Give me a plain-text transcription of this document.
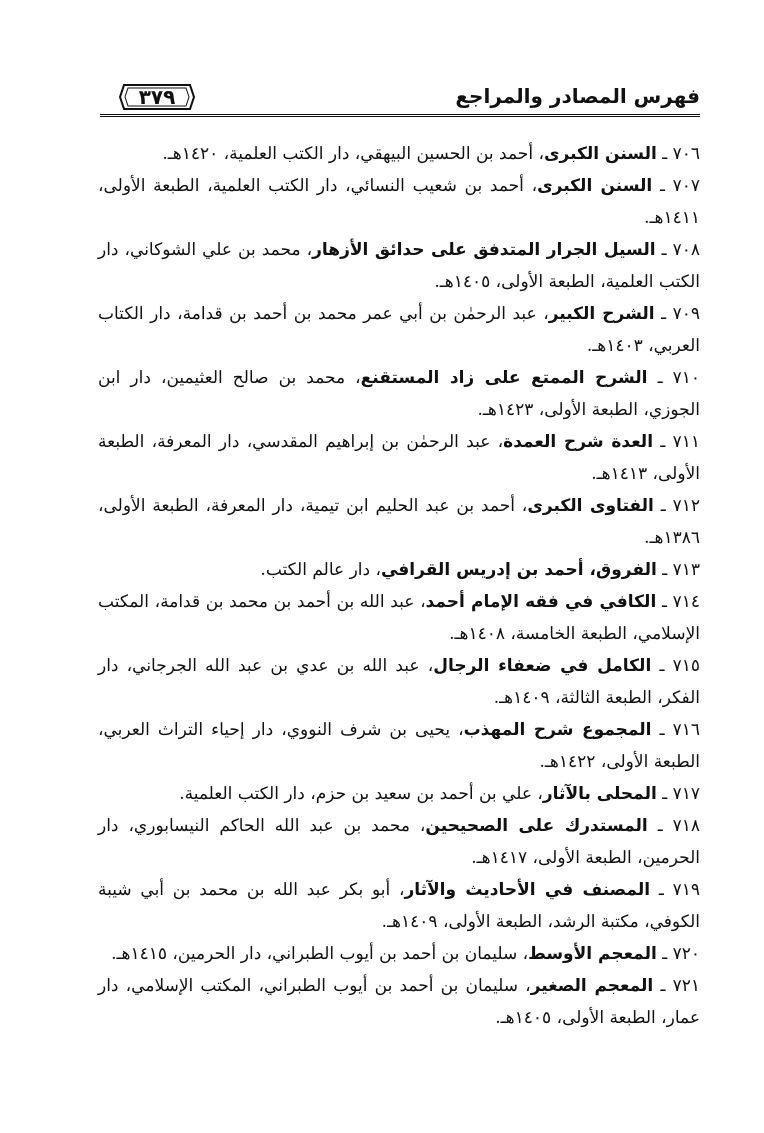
فهرس المصادر والمراجع
٣٧٩
٧٠٦ ـ السنن الكبرى، أحمد بن الحسين البيهقي، دار الكتب العلمية، ١٤٢٠هـ.
٧٠٧ ـ السنن الكبرى، أحمد بن شعيب النسائي، دار الكتب العلمية، الطبعة الأولى، ١٤١١هـ.
٧٠٨ ـ السيل الجرار المتدفق على حدائق الأزهار، محمد بن علي الشوكاني، دار الكتب العلمية، الطبعة الأولى، ١٤٠٥هـ.
٧٠٩ ـ الشرح الكبير، عبد الرحمٰن بن أبي عمر محمد بن أحمد بن قدامة، دار الكتاب العربي، ١٤٠٣هـ.
٧١٠ ـ الشرح الممتع على زاد المستقنع، محمد بن صالح العثيمين، دار ابن الجوزي، الطبعة الأولى، ١٤٢٣هـ.
٧١١ ـ العدة شرح العمدة، عبد الرحمٰن بن إبراهيم المقدسي، دار المعرفة، الطبعة الأولى، ١٤١٣هـ.
٧١٢ ـ الفتاوى الكبرى، أحمد بن عبد الحليم ابن تيمية، دار المعرفة، الطبعة الأولى، ١٣٨٦هـ.
٧١٣ ـ الفروق، أحمد بن إدريس القرافي، دار عالم الكتب.
٧١٤ ـ الكافي في فقه الإمام أحمد، عبد الله بن أحمد بن محمد بن قدامة، المكتب الإسلامي، الطبعة الخامسة، ١٤٠٨هـ.
٧١٥ ـ الكامل في ضعفاء الرجال، عبد الله بن عدي بن عبد الله الجرجاني، دار الفكر، الطبعة الثالثة، ١٤٠٩هـ.
٧١٦ ـ المجموع شرح المهذب، يحيى بن شرف النووي، دار إحياء التراث العربي، الطبعة الأولى، ١٤٢٢هـ.
٧١٧ ـ المحلى بالآثار، علي بن أحمد بن سعيد بن حزم، دار الكتب العلمية.
٧١٨ ـ المستدرك على الصحيحين، محمد بن عبد الله الحاكم النيسابوري، دار الحرمين، الطبعة الأولى، ١٤١٧هـ.
٧١٩ ـ المصنف في الأحاديث والآثار، أبو بكر عبد الله بن محمد بن أبي شيبة الكوفي، مكتبة الرشد، الطبعة الأولى، ١٤٠٩هـ.
٧٢٠ ـ المعجم الأوسط، سليمان بن أحمد بن أيوب الطبراني، دار الحرمين، ١٤١٥هـ.
٧٢١ ـ المعجم الصغير، سليمان بن أحمد بن أيوب الطبراني، المكتب الإسلامي، دار عمار، الطبعة الأولى، ١٤٠٥هـ.
